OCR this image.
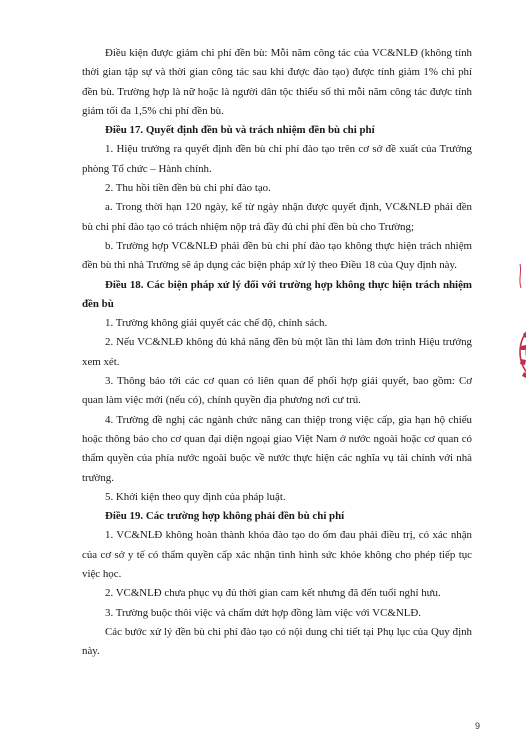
Điều kiện được giảm chi phí đền bù: Mỗi năm công tác của VC&NLĐ (không tính thời gian tập sự và thời gian công tác sau khi được đào tạo) được tính giảm 1% chi phí đền bù. Trường hợp là nữ hoặc là người dân tộc thiểu số thì mỗi năm công tác được tính giảm tối đa 1,5% chi phí đền bù.

Điều 17. Quyết định đền bù và trách nhiệm đền bù chi phí

1. Hiệu trưởng ra quyết định đền bù chi phí đào tạo trên cơ sở đề xuất của Trưởng phòng Tổ chức – Hành chính.

2. Thu hồi tiền đền bù chi phí đào tạo.

a. Trong thời hạn 120 ngày, kể từ ngày nhận được quyết định, VC&NLĐ phải đền bù chi phí đào tạo có trách nhiệm nộp trả đầy đủ chi phí đền bù cho Trường;

b. Trường hợp VC&NLĐ phải đền bù chi phí đào tạo không thực hiện trách nhiệm đền bù thì nhà Trường sẽ áp dụng các biện pháp xử lý theo Điều 18 của Quy định này.

Điều 18. Các biện pháp xử lý đối với trường hợp không thực hiện trách nhiệm đền bù

1. Trường không giải quyết các chế độ, chính sách.

2. Nếu VC&NLĐ không đủ khả năng đền bù một lần thì làm đơn trình Hiệu trưởng xem xét.

3. Thông báo tới các cơ quan có liên quan để phối hợp giải quyết, bao gồm: Cơ quan làm việc mới (nếu có), chính quyền địa phương nơi cư trú.

4. Trường đề nghị các ngành chức năng can thiệp trong việc cấp, gia hạn hộ chiếu hoặc thông báo cho cơ quan đại diện ngoại giao Việt Nam ở nước ngoài hoặc cơ quan có thẩm quyền của phía nước ngoài buộc về nước thực hiện các nghĩa vụ tài chính với nhà trường.

5. Khởi kiện theo quy định của pháp luật.

Điều 19. Các trường hợp không phải đền bù chi phí

1. VC&NLĐ không hoàn thành khóa đào tạo do ốm đau phải điều trị, có xác nhận của cơ sở y tế có thẩm quyền cấp xác nhận tình hình sức khỏe không cho phép tiếp tục việc học.

2. VC&NLĐ chưa phục vụ đủ thời gian cam kết nhưng đã đến tuổi nghỉ hưu.

3. Trường buộc thôi việc và chấm dứt hợp đồng làm việc với VC&NLĐ.

Các bước xử lý đền bù chi phí đào tạo có nội dung chi tiết tại Phụ lục của Quy định này.

9
